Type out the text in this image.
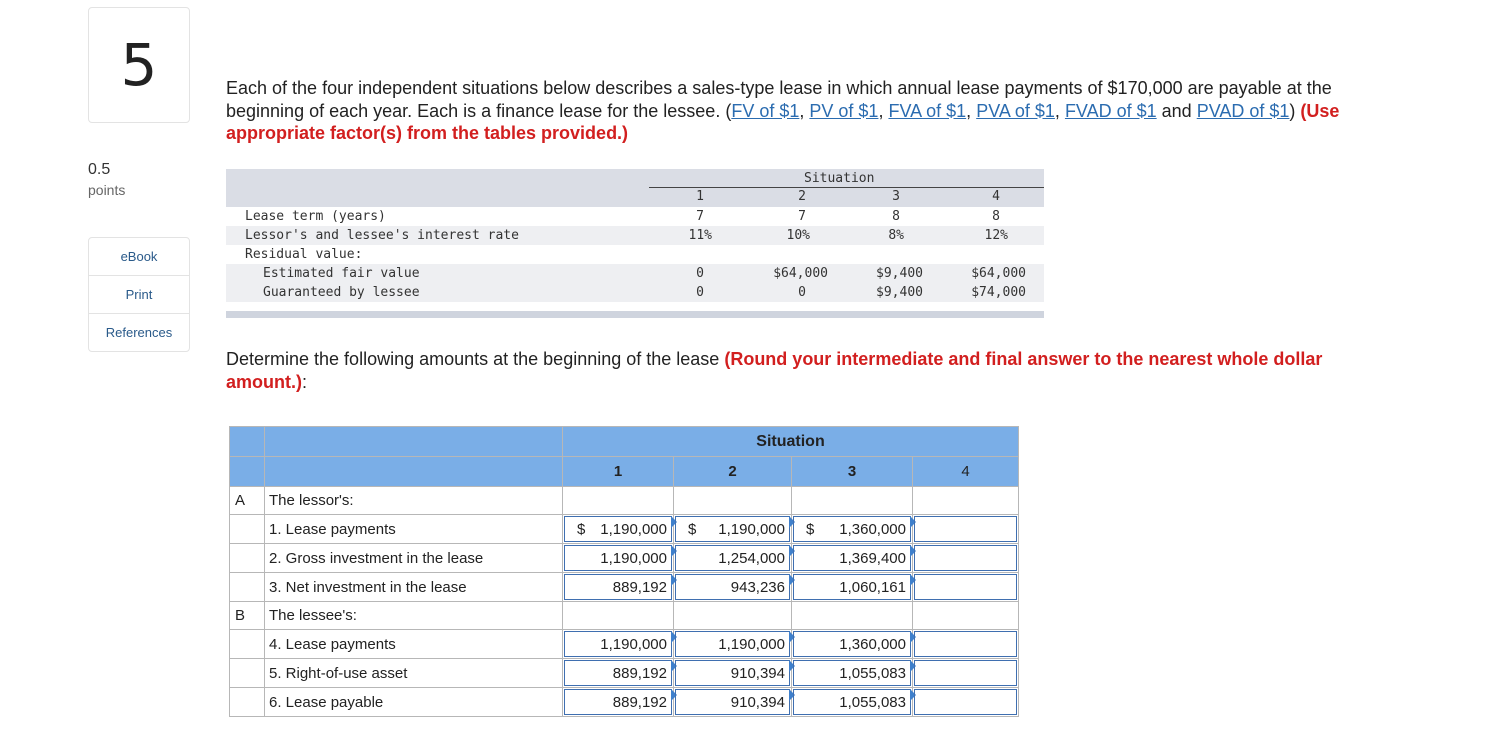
5
0.5
points
eBook
Print
References
Each of the four independent situations below describes a sales-type lease in which annual lease payments of $170,000 are payable at the beginning of each year. Each is a finance lease for the lessee. (FV of $1, PV of $1, FVA of $1, PVA of $1, FVAD of $1 and PVAD of $1) (Use appropriate factor(s) from the tables provided.)
Situation
1	2	3	4
Lease term (years)	7	7	8	8
Lessor's and lessee's interest rate	11%	10%	8%	12%
Residual value:
Estimated fair value	0	$64,000	$9,400	$64,000
Guaranteed by lessee	0	0	$9,400	$74,000
Determine the following amounts at the beginning of the lease (Round your intermediate and final answer to the nearest whole dollar amount.):
		Situation			
		1	2	3	4
A	The lessor's:				
	1. Lease payments	$ 1,190,000	$ 1,190,000	$ 1,360,000	

	2. Gross investment in the lease	1,190,000	1,254,000	1,369,400	

	3. Net investment in the lease	889,192	943,236	1,060,161	

B	The lessee's:				
	4. Lease payments	1,190,000	1,190,000	1,360,000	

	5. Right-of-use asset	889,192	910,394	1,055,083	

	6. Lease payable	889,192	910,394	1,055,083	
